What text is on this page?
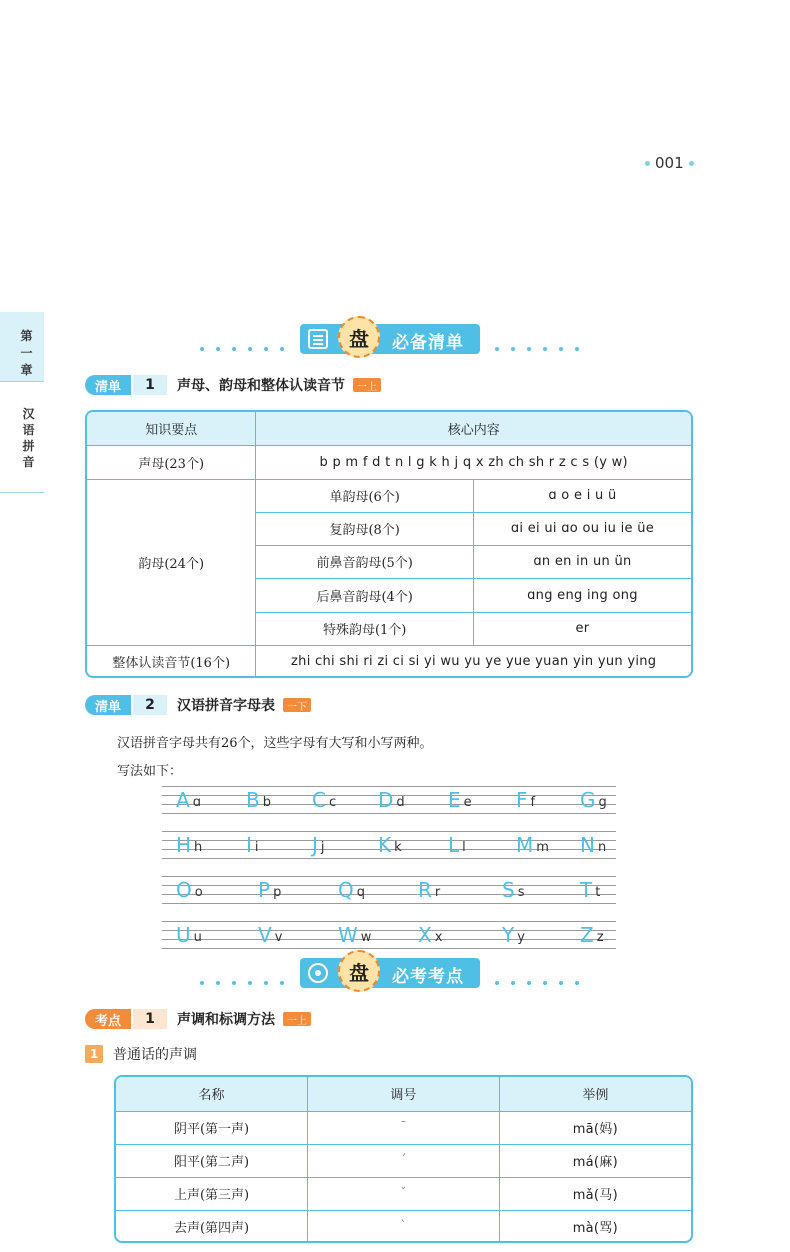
001
第
一
章
汉
语
拼
音
盘 必备清单
清单	1	声母、韵母和整体认读音节	一上
知识要点	核心内容	
声母(23个)	b p m f d t n l g k h j q x zh ch sh r z c s (y w)	
韵母(24个)	单韵母(6个)	ɑ o e i u ü
	复韵母(8个)	ɑi ei ui ɑo ou iu ie üe
	前鼻音韵母(5个)	ɑn en in un ün
	后鼻音韵母(4个)	ɑng eng ing ong
	特殊韵母(1个)	er
整体认读音节(16个)	zhi chi shi ri zi ci si yi wu yu ye yue yuan yin yun ying	
清单	2	汉语拼音字母表	一下
汉语拼音字母共有26个，这些字母有大写和小写两种。
写法如下：
A ɑ B b C c D d E e F f G g
H h I i	J j	K k L l	M m N n
O o	P p	Q q	R r	S s	T t
U u	V v	W w X x	Y y	Z z
盘 必考考点
考点	1	声调和标调方法	一上
1	普通话的声调
名称	调号	举例
阴平(第一声)	ˉ	mā(妈)
阳平(第二声)	ˊ	má(麻)
上声(第三声)	ˇ	mǎ(马)
去声(第四声)	ˋ	mà(骂)
